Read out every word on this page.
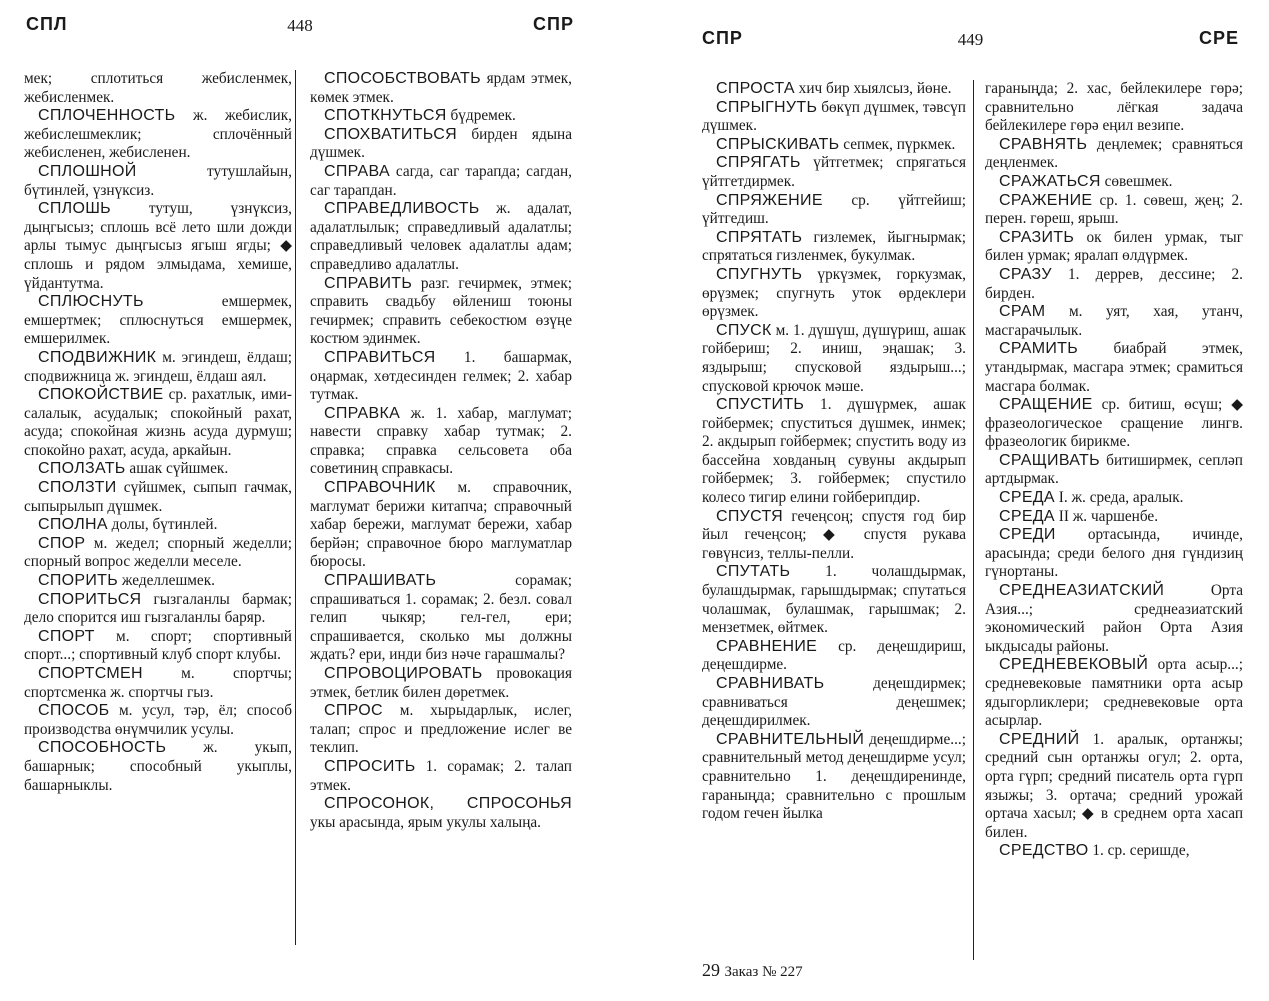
СПЛ	448	СПР

мек; сплотиться жебисленмек, жебисленмек.

СПЛОЧЕННОСТЬ ж. жебислик, жебислешмеклик; сплочённый жебисленен, жебисленен.

СПЛОШНОЙ тутушлайын, бүтинлей, үзнүксиз.

СПЛОШЬ тутуш, үзнүксиз, дыңгысыз; сплошь всё лето шли дожди арлы тымус дыңгысыз ягыш ягды; ◆ сплошь и рядом элмыдама, хемише, үйдантутма.

СПЛЮСНУТЬ емшермек, емшертмек; сплюснуться емшермек, емшерилмек.

СПОДВИЖНИК м. эгиндеш, ёлдаш; сподвижница ж. эгиндеш, ёлдаш аял.

СПОКОЙСТВИЕ ср. рахатлык, ими-салалык, асудалык; спокойный рахат, асуда; спокойная жизнь асуда дурмуш; спокойно рахат, асуда, аркайын.

СПОЛЗАТЬ ашак сүйшмек.

СПОЛЗТИ сүйшмек, сыпып гачмак, сыпырылып дүшмек.

СПОЛНА долы, бүтинлей.

СПОР м. жедел; спорный жеделли; спорный вопрос жеделли меселе.

СПОРИТЬ жеделлешмек.

СПОРИТЬСЯ гызгаланлы бармак; дело спорится иш гызгаланлы баряр.

СПОРТ м. спорт; спортивный спорт...; спортивный клуб спорт клубы.

СПОРТСМЕН м. спортчы; спортсменка ж. спортчы гыз.

СПОСОБ м. усул, тәр, ёл; способ производства өнүмчилик усулы.

СПОСОБНОСТЬ ж. укып, башарнык; способный укыплы, башарныклы.

СПОСОБСТВОВАТЬ ярдам этмек, көмек этмек.

СПОТКНУТЬСЯ бүдремек.

СПОХВАТИТЬСЯ бирден ядына дүшмек.

СПРАВА сагда, саг тарапда; сагдан, саг тарапдан.

СПРАВЕДЛИВОСТЬ ж. адалат, адалатлылык; справедливый адалатлы; справедливый человек адалатлы адам; справедливо адалатлы.

СПРАВИТЬ разг. гечирмек, этмек; справить свадьбу өйлениш тоюны гечирмек; справить себекостюм өзүңе костюм эдинмек.

СПРАВИТЬСЯ 1. башармак, оңармак, хөтдесинден гелмек; 2. хабар тутмак.

СПРАВКА ж. 1. хабар, маглумат; навести справку хабар тутмак; 2. справка; справка сельсовета оба советиниң справкасы.

СПРАВОЧНИК м. справочник, маглумат берижи китапча; справочный хабар бережи, маглумат бережи, хабар берйән; справочное бюро маглуматлар бюросы.

СПРАШИВАТЬ сорамак; спрашиваться 1. сорамак; 2. безл. совал гелип чыкяр; гел-гел, ери; спрашивается, сколько мы должны ждать? ери, инди биз нәче гарашмалы?

СПРОВОЦИРОВАТЬ провокация этмек, бетлик билен дөретмек.

СПРОС м. хырыдарлык, ислег, талап; спрос и предложение ислег ве теклип.

СПРОСИТЬ 1. сорамак; 2. талап этмек.

СПРОСОНОК, СПРОСОНЬЯ укы арасында, ярым укулы халыңа.

СПР	449	СРЕ

СПРОСТА хич бир хыялсыз, йөне.

СПРЫГНУТЬ бөкүп дүшмек, тәвсүп дүшмек.

СПРЫСКИВАТЬ сепмек, пүркмек.

СПРЯГАТЬ үйтгетмек; спрягаться үйтгетдирмек.

СПРЯЖЕНИЕ ср. үйтгейиш; үйтгедиш.

СПРЯТАТЬ гизлемек, йыгнырмак; спрятаться гизленмек, букулмак.

СПУГНУТЬ үркүзмек, горкузмак, өрүзмек; спугнуть уток өрдеклери өрүзмек.

СПУСК м. 1. дүшүш, дүшүриш, ашак гойбериш; 2. иниш, эңашак; 3. яздырыш; спусковой яздырыш...; спусковой крючок мәше.

СПУСТИТЬ 1. дүшүрмек, ашак гойбермек; спуститься дүшмек, инмек; 2. акдырып гойбермек; спустить воду из бассейна ховданың сувуны акдырып гойбермек; 3. гойбермек; спустило колесо тигир елини гойберипдир.

СПУСТЯ гечеңсоң; спустя год бир йыл гечеңсоң; ◆ спустя рукава гөвүнсиз, теллы-пелли.

СПУТАТЬ 1. чолашдырмак, булашдырмак, гарышдырмак; спутаться чолашмак, булашмак, гарышмак; 2. мензетмек, өйтмек.

СРАВНЕНИЕ ср. деңешдириш, деңешдирме.

СРАВНИВАТЬ деңешдирмек; сравниваться деңешмек; деңешдирилмек.

СРАВНИТЕЛЬНЫЙ деңешдирме...; сравнительный метод деңешдирме усул; сравнительно 1. деңешдиренинде, гараныңда; сравнительно с прошлым годом гечен йылка

гараныңда; 2. хас, бейлекилере гөрә; сравнительно лёгкая задача бейлекилере гөрә еңил везипе.

СРАВНЯТЬ деңлемек; сравняться деңленмек.

СРАЖАТЬСЯ сөвешмек.

СРАЖЕНИЕ ср. 1. сөвеш, җең; 2. перен. гөреш, ярыш.

СРАЗИТЬ ок билен урмак, тыг билен урмак; яралап өлдүрмек.

СРАЗУ 1. деррев, дессине; 2. бирден.

СРАМ м. уят, хая, утанч, масгарачылык.

СРАМИТЬ биабрай этмек, утандырмак, масгара этмек; срамиться масгара болмак.

СРАЩЕНИЕ ср. битиш, өсүш; ◆ фразеологическое сращение лингв. фразеологик бирикме.

СРАЩИВАТЬ битиширмек, сепләп артдырмак.

СРЕДА I. ж. среда, аралык.

СРЕДА II ж. чаршенбе.

СРЕДИ ортасында, ичинде, арасында; среди белого дня гүндизиң гүнортаны.

СРЕДНЕАЗИАТСКИЙ Орта Азия...; среднеазиатский экономический район Орта Азия ыкдысады районы.

СРЕДНЕВЕКОВЫЙ орта асыр...; средневековые памятники орта асыр ядыгорликлери; средневековые орта асырлар.

СРЕДНИЙ 1. аралык, ортанжы; средний сын ортанжы огул; 2. орта, орта гүрп; средний писатель орта гүрп языжы; 3. ортача; средний урожай ортача хасыл; ◆ в среднем орта хасап билен.

СРЕДСТВО 1. ср. серишде,

29 Заказ № 227
